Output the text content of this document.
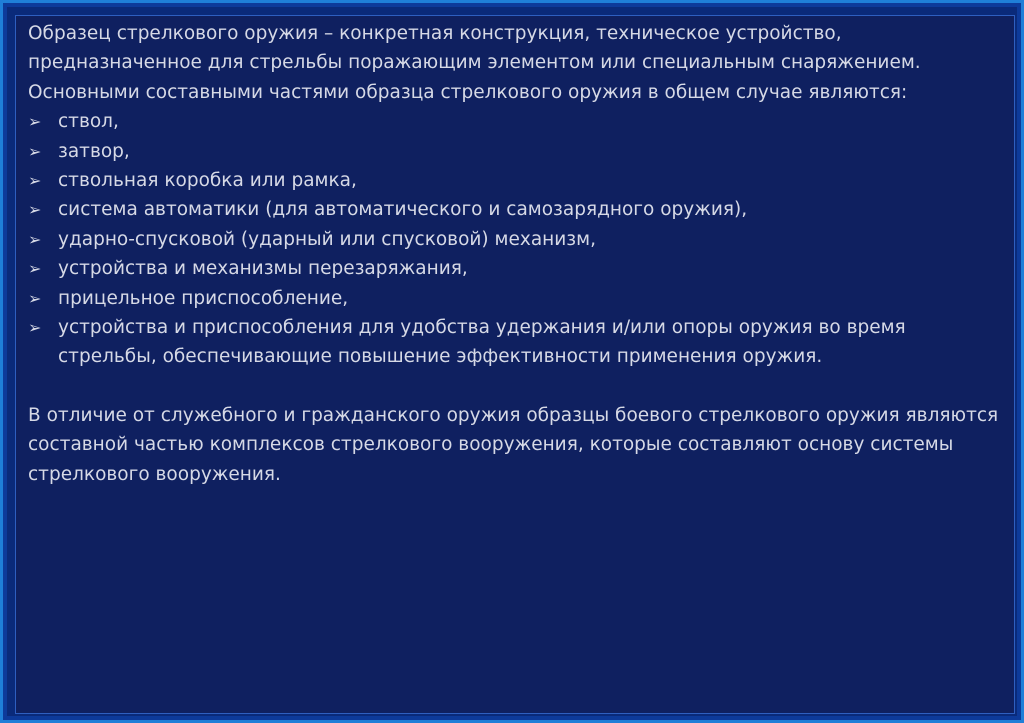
Образец стрелкового оружия – конкретная конструкция, техническое устройство,

предназначенное для стрельбы поражающим элементом или специальным снаряжением.

Основными составными частями образца стрелкового оружия в общем случае являются:

➢ ствол,
➢ затвор,
➢ ствольная коробка или рамка,
➢ система автоматики (для автоматического и самозарядного оружия),
➢ ударно-спусковой (ударный или спусковой) механизм,
➢ устройства и механизмы перезаряжания,
➢ прицельное приспособление,
➢ устройства и приспособления для удобства удержания и/или опоры оружия во время стрельбы, обеспечивающие повышение эффективности применения оружия.

В отличие от служебного и гражданского оружия образцы боевого стрелкового оружия являются составной частью комплексов стрелкового вооружения, которые составляют основу системы стрелкового вооружения.
